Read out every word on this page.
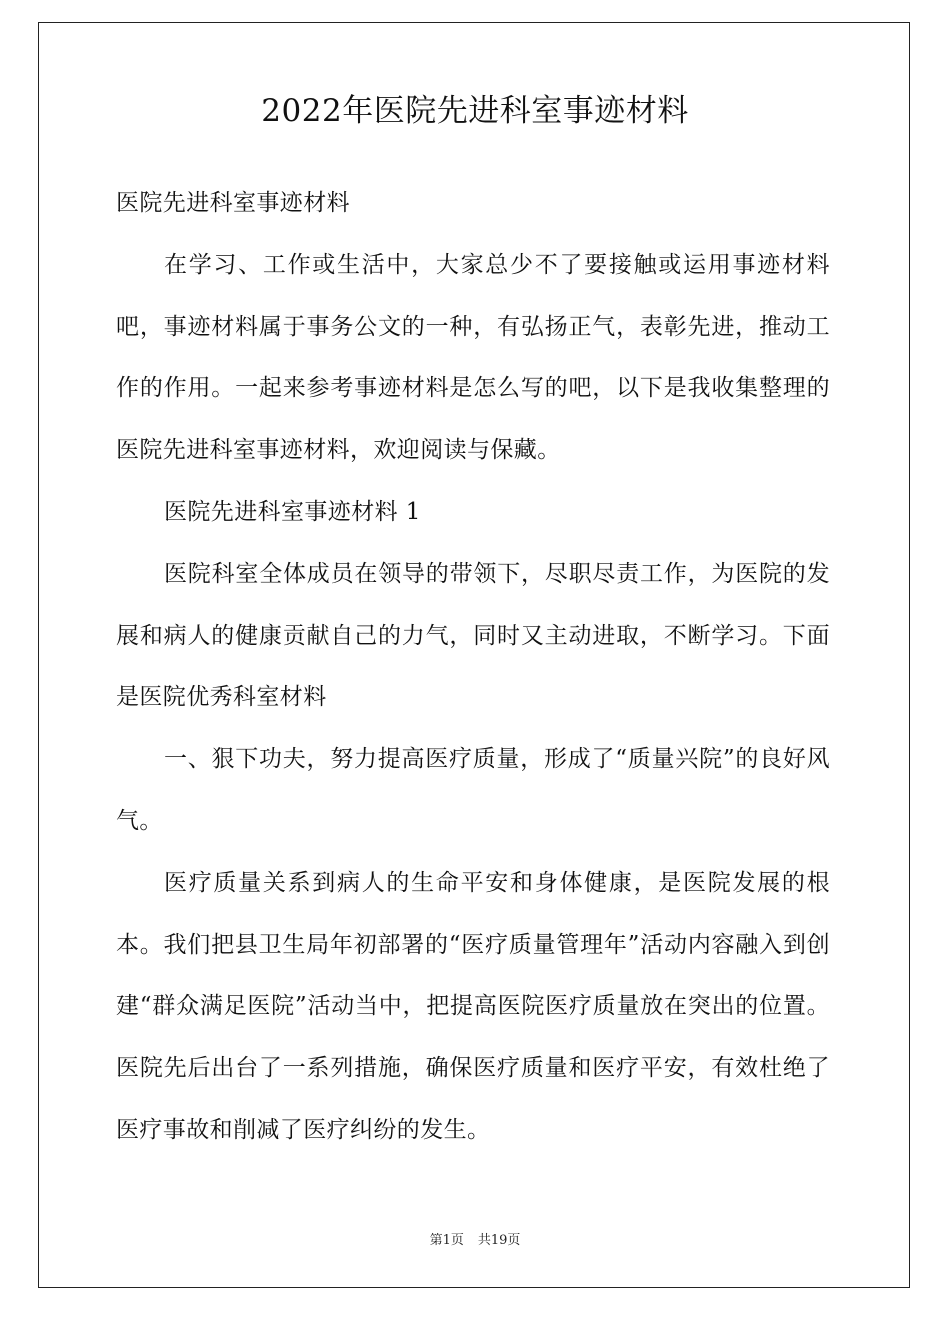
2022年医院先进科室事迹材料

医院先进科室事迹材料

在学习、工作或生活中，大家总少不了要接触或运用事迹材料吧，事迹材料属于事务公文的一种，有弘扬正气，表彰先进，推动工作的作用。一起来参考事迹材料是怎么写的吧，以下是我收集整理的医院先进科室事迹材料，欢迎阅读与保藏。

医院先进科室事迹材料 1

医院科室全体成员在领导的带领下，尽职尽责工作，为医院的发展和病人的健康贡献自己的力气，同时又主动进取，不断学习。下面是医院优秀科室材料

一、狠下功夫，努力提高医疗质量，形成了“质量兴院”的良好风气。

医疗质量关系到病人的生命平安和身体健康，是医院发展的根本。我们把县卫生局年初部署的“医疗质量管理年”活动内容融入到创建“群众满足医院”活动当中，把提高医院医疗质量放在突出的位置。医院先后出台了一系列措施，确保医疗质量和医疗平安，有效杜绝了医疗事故和削减了医疗纠纷的发生。

第1页 共19页
